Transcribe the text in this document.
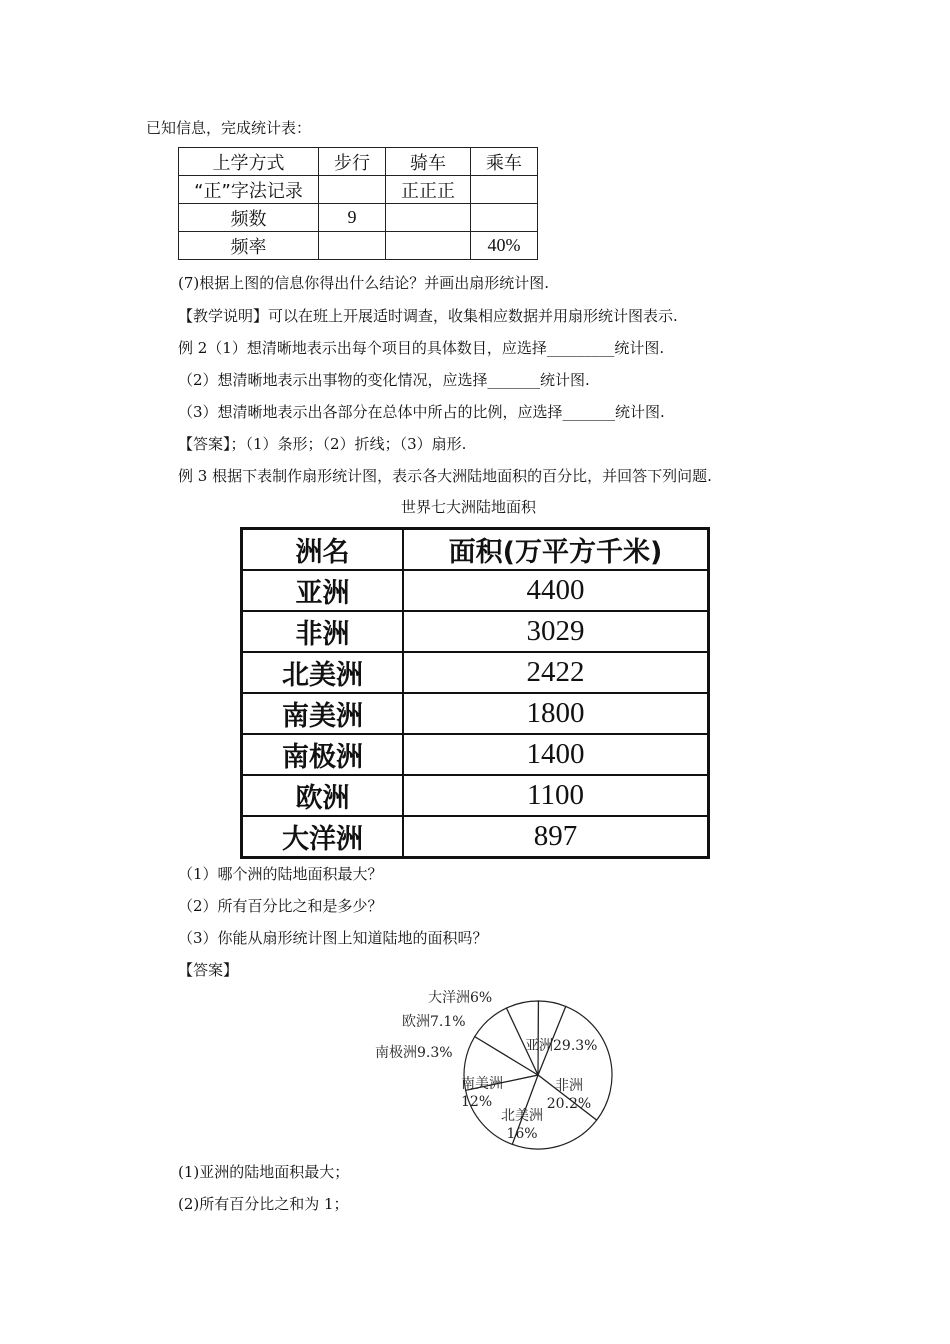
已知信息，完成统计表：
上学方式	步行	骑车	乘车
“正”字法记录		正正正	
频数	9		
频率			40%
(7)根据上图的信息你得出什么结论？并画出扇形统计图.
【教学说明】可以在班上开展适时调查，收集相应数据并用扇形统计图表示.
例 2（1）想清晰地表示出每个项目的具体数目，应选择_________统计图.
（2）想清晰地表示出事物的变化情况，应选择_______统计图.
（3）想清晰地表示出各部分在总体中所占的比例，应选择_______统计图.
【答案】；（1）条形；（2）折线；（3）扇形.
例 3 根据下表制作扇形统计图，表示各大洲陆地面积的百分比，并回答下列问题.
世界七大洲陆地面积
洲名	面积(万平方千米)
亚洲	4400
非洲	3029
北美洲	2422
南美洲	1800
南极洲	1400
欧洲	1100
大洋洲	897
（1）哪个洲的陆地面积最大？
（2）所有百分比之和是多少？
（3）你能从扇形统计图上知道陆地的面积吗？
【答案】
亚洲29.3%
非洲 20.2%
北美洲 16%
南美洲 12%
南极洲9.3%
欧洲7.1%
大洋洲6%
(1)亚洲的陆地面积最大；
(2)所有百分比之和为 1；
